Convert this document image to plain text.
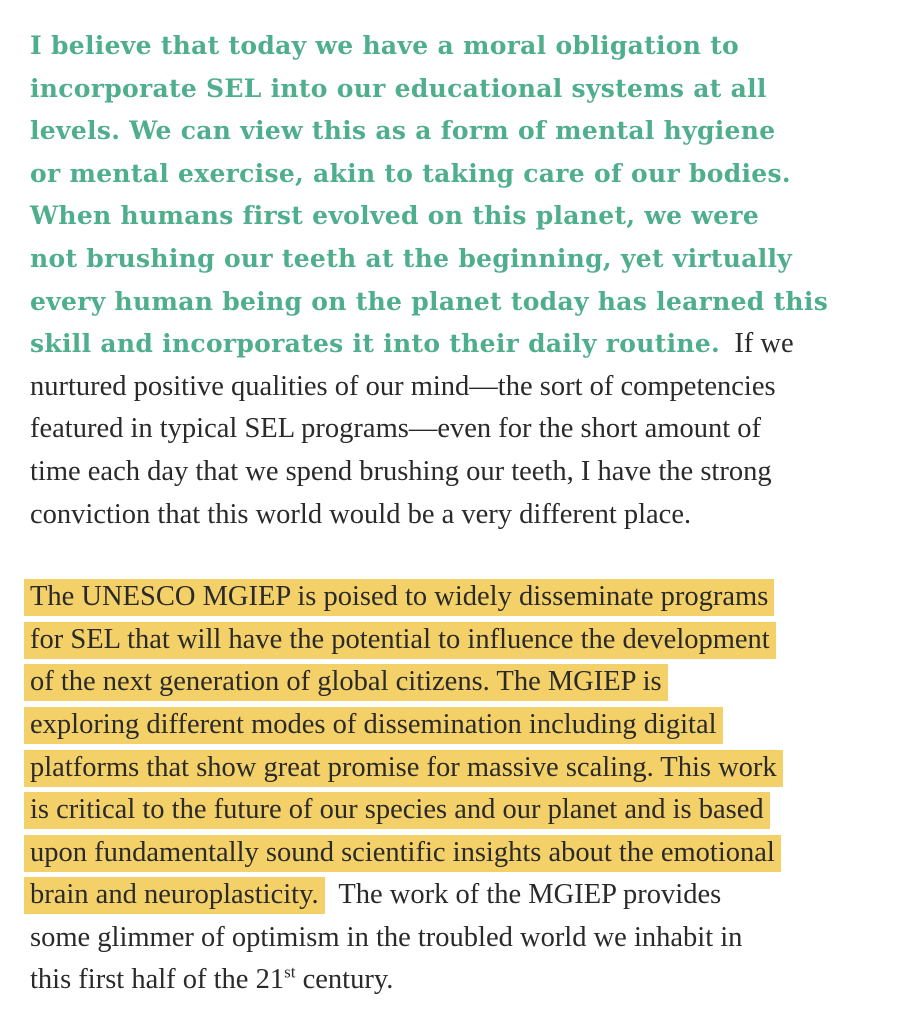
I believe that today we have a moral obligation to
incorporate SEL into our educational systems at all
levels. We can view this as a form of mental hygiene
or mental exercise, akin to taking care of our bodies.
When humans first evolved on this planet, we were
not brushing our teeth at the beginning, yet virtually
every human being on the planet today has learned this
skill and incorporates it into their daily routine. If we
nurtured positive qualities of our mind—the sort of competencies
featured in typical SEL programs—even for the short amount of
time each day that we spend brushing our teeth, I have the strong
conviction that this world would be a very different place.
The UNESCO MGIEP is poised to widely disseminate programs
for SEL that will have the potential to influence the development
of the next generation of global citizens. The MGIEP is
exploring different modes of dissemination including digital
platforms that show great promise for massive scaling. This work
is critical to the future of our species and our planet and is based
upon fundamentally sound scientific insights about the emotional
brain and neuroplasticity. The work of the MGIEP provides
some glimmer of optimism in the troubled world we inhabit in
this first half of the 21st century.
